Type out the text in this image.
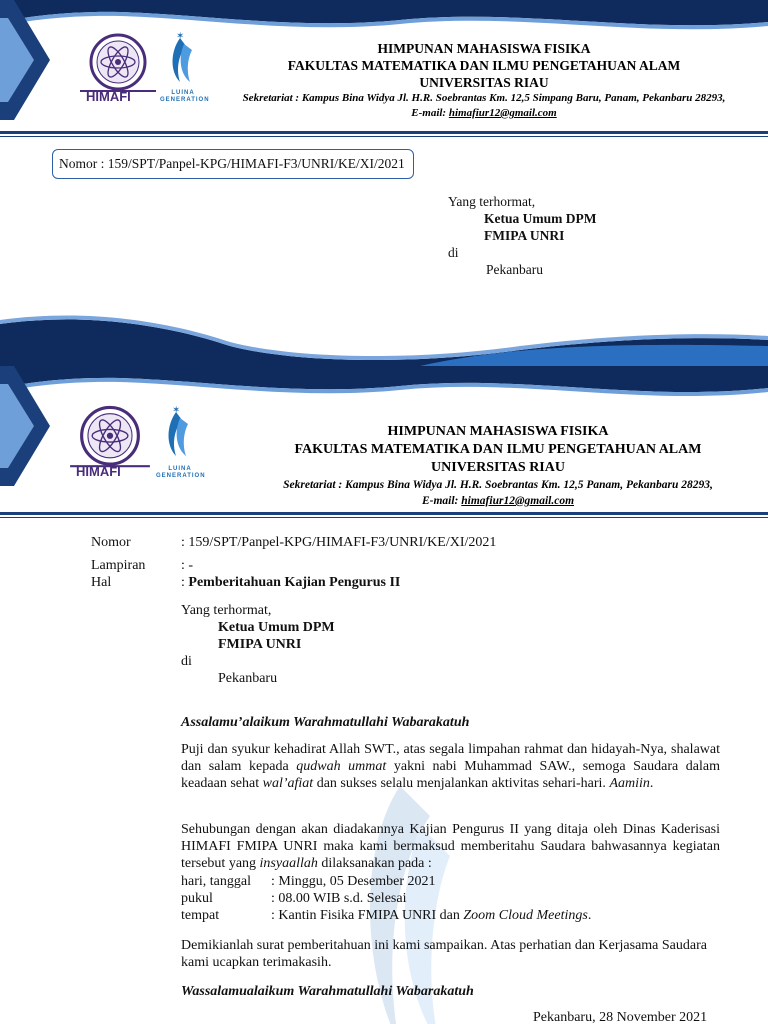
HIMAFI
✶
LUINA GENERATION
HIMPUNAN MAHASISWA FISIKA
FAKULTAS MATEMATIKA DAN ILMU PENGETAHUAN ALAM
UNIVERSITAS RIAU
Sekretariat : Kampus Bina Widya Jl. H.R. Soebrantas Km. 12,5 Simpang Baru, Panam, Pekanbaru 28293,
E-mail: himafiur12@gmail.com
Nomor : 159/SPT/Panpel-KPG/HIMAFI-F3/UNRI/KE/XI/2021
Yang terhormat,
Ketua Umum DPM
FMIPA UNRI
di
Pekanbaru
HIMAFI
✶
LUINA GENERATION
HIMPUNAN MAHASISWA FISIKA
FAKULTAS MATEMATIKA DAN ILMU PENGETAHUAN ALAM
UNIVERSITAS RIAU
Sekretariat : Kampus Bina Widya Jl. H.R. Soebrantas Km. 12,5 Panam, Pekanbaru 28293,
E-mail: himafiur12@gmail.com
Nomor	: 159/SPT/Panpel-KPG/HIMAFI-F3/UNRI/KE/XI/2021
Lampiran	: -
Hal	: Pemberitahuan Kajian Pengurus II
Yang terhormat,
Ketua Umum DPM
FMIPA UNRI
di
Pekanbaru
Assalamu’alaikum Warahmatullahi Wabarakatuh
Puji dan syukur kehadirat Allah SWT., atas segala limpahan rahmat dan hidayah-Nya, shalawat dan salam kepada qudwah ummat yakni nabi Muhammad SAW., semoga Saudara dalam keadaan sehat wal’afiat dan sukses selalu menjalankan aktivitas sehari-hari. Aamiin.
Sehubungan dengan akan diadakannya Kajian Pengurus II yang ditaja oleh Dinas Kaderisasi HIMAFI FMIPA UNRI maka kami bermaksud memberitahu Saudara bahwasannya kegiatan tersebut yang insyaallah dilaksanakan pada :
hari, tanggal : Minggu, 05 Desember 2021
pukul	: 08.00 WIB s.d. Selesai
tempat	: Kantin Fisika FMIPA UNRI dan Zoom Cloud Meetings.
Demikianlah surat pemberitahuan ini kami sampaikan. Atas perhatian dan Kerjasama Saudara kami ucapkan terimakasih.
Wassalamualaikum Warahmatullahi Wabarakatuh
Pekanbaru, 28 November 2021
